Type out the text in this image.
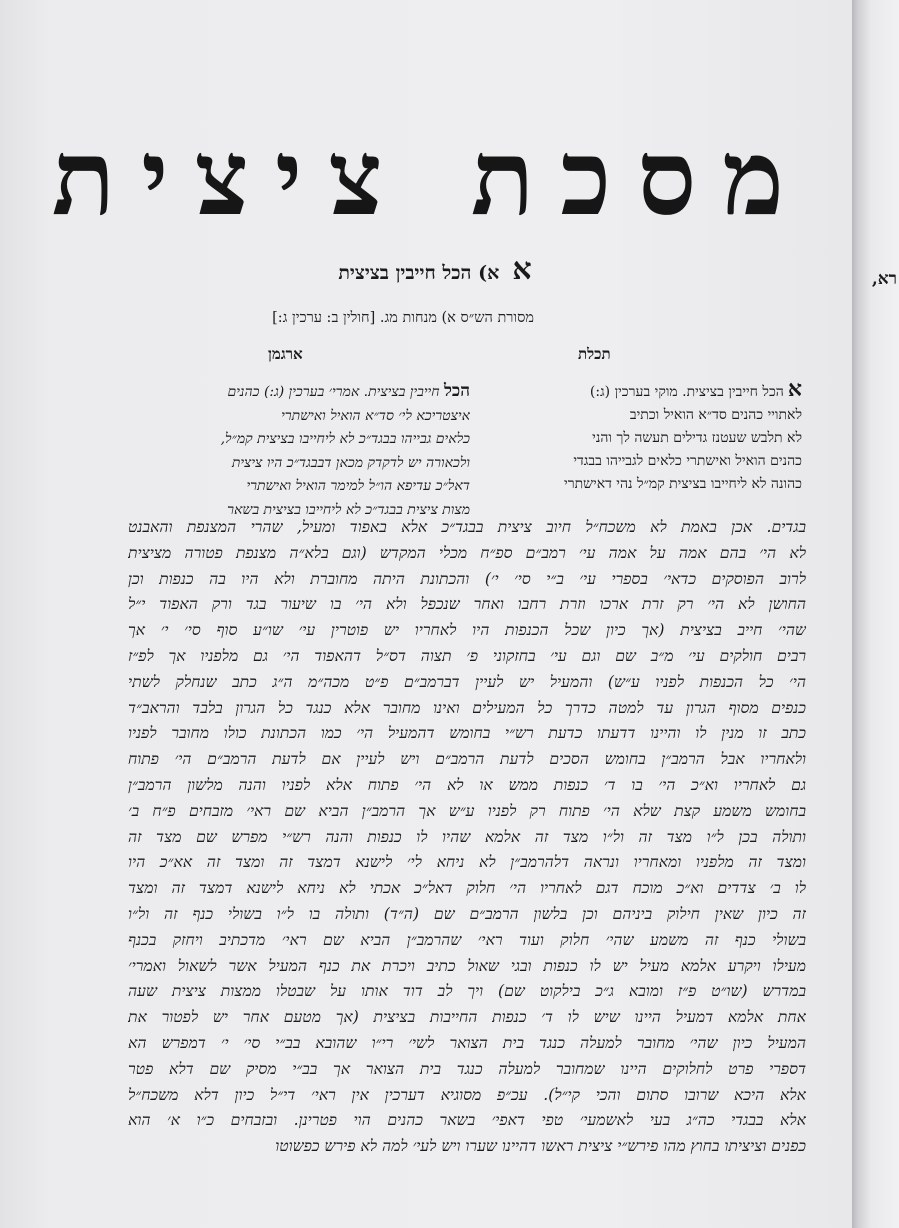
מסכת ציצית
א א) הכל חייבין בציצית
מסורת הש״ס א) מנחות מג. [חולין ב: ערכין ג:]
תכלת
ארגמן
אהכל חייבין בציצית. מוקי בערכין (ג:)
לאתויי כהנים סד״א הואיל וכתיב
לא תלבש שעטנז גדילים תעשה לך והני
כהנים הואיל ואישתרי כלאים לגבייהו בבגדי
כהונה לא ליחייבו בציצית קמ״ל נהי דאישתרי
הכל חייבין בציצית. אמרי׳ בערכין (ג:) כהנים
איצטריכא לי׳ סד״א הואיל ואישתרי
כלאים גבייהו בבגד״כ לא ליחייבו בציצית קמ״ל,
ולכאורה יש לדקדק מכאן דבבגד״כ היו ציצית
דאל״כ עדיפא הו״ל למימר הואיל ואישתרי
מצות ציצית בבגד״כ לא ליחייבו בציצית בשאר
בגדים. אכן באמת לא משכח״ל חיוב ציצית בבגד״כ אלא באפוד ומעיל, שהרי המצנפת והאבנט
לא הי׳ בהם אמה על אמה עי׳ רמב״ם ספ״ח מכלי המקדש (וגם בלא״ה מצנפת פטורה מציצית
לרוב הפוסקים כדאי׳ בספרי עי׳ ב״י סי׳ י׳) והכתונת היתה מחוברת ולא היו בה כנפות וכן
החושן לא הי׳ רק זרת ארכו וזרת רחבו ואחר שנכפל ולא הי׳ בו שיעור בגד ורק האפוד י״ל
שהי׳ חייב בציצית (אך כיון שכל הכנפות היו לאחריו יש פוטרין עי׳ שו״ע סוף סי׳ י׳ אך
רבים חולקים עי׳ מ״ב שם וגם עי׳ בחזקוני פ׳ תצוה דס״ל דהאפוד הי׳ גם מלפניו אך לפ״ז
הי׳ כל הכנפות לפניו ע״ש) והמעיל יש לעיין דברמב״ם פ״ט מכה״מ ה״ג כתב שנחלק לשתי
כנפים מסוף הגרון עד למטה כדרך כל המעילים ואינו מחובר אלא כנגד כל הגרון בלבד והראב״ד
כתב זו מנין לו והיינו דדעתו כדעת רש״י בחומש דהמעיל הי׳ כמו הכתונת כולו מחובר לפניו
ולאחריו אבל הרמב״ן בחומש הסכים לדעת הרמב״ם ויש לעיין אם לדעת הרמב״ם הי׳ פתוח
גם לאחריו וא״כ הי׳ בו ד׳ כנפות ממש או לא הי׳ פתוח אלא לפניו והנה מלשון הרמב״ן
בחומש משמע קצת שלא הי׳ פתוח רק לפניו ע״ש אך הרמב״ן הביא שם ראי׳ מזבחים פ״ח ב׳
ותולה בכן ל״ו מצד זה ול״ו מצד זה אלמא שהיו לו כנפות והנה רש״י מפרש שם מצד זה
ומצד זה מלפניו ומאחריו ונראה דלהרמב״ן לא ניחא לי׳ לישנא דמצד זה ומצד זה אא״כ היו
לו ב׳ צדדים וא״כ מוכח דגם לאחריו הי׳ חלוק דאל״כ אכתי לא ניחא לישנא דמצד זה ומצד
זה כיון שאין חילוק ביניהם וכן בלשון הרמב״ם שם (ה״ד) ותולה בו ל״ו בשולי כנף זה ול״ו
בשולי כנף זה משמע שהי׳ חלוק ועוד ראי׳ שהרמב״ן הביא שם ראי׳ מדכתיב ויחזק בכנף
מעילו ויקרע אלמא מעיל יש לו כנפות ובגי שאול כתיב ויכרת את כנף המעיל אשר לשאול ואמרי׳
במדרש (שו״ט פ״ז ומובא ג״כ בילקוט שם) ויך לב דוד אותו על שבטלו ממצות ציצית שעה
אחת אלמא דמעיל היינו שיש לו ד׳ כנפות החייבות בציצית (אך מטעם אחר יש לפטור את
המעיל כיון שהי׳ מחובר למעלה כנגד בית הצואר לשי׳ רי״ו שהובא בב״י סי׳ י׳ דמפרש הא
דספרי פרט לחלוקים היינו שמחובר למעלה כנגד בית הצואר אך בב״י מסיק שם דלא פטר
אלא היכא שרובו סתום והכי קי״ל). עכ״פ מסוגיא דערכין אין ראי׳ די״ל כיון דלא משכח״ל
אלא בבגדי כה״ג בעי לאשמעי׳ טפי דאפי׳ בשאר כהנים הוי פטרינן. ובזבחים כ״ו א׳ הוא
כפנים וציציתו בחוץ מהו פירש״י ציצית ראשו דהיינו שערו ויש לעי׳ למה לא פירש כפשוטו
רא,
